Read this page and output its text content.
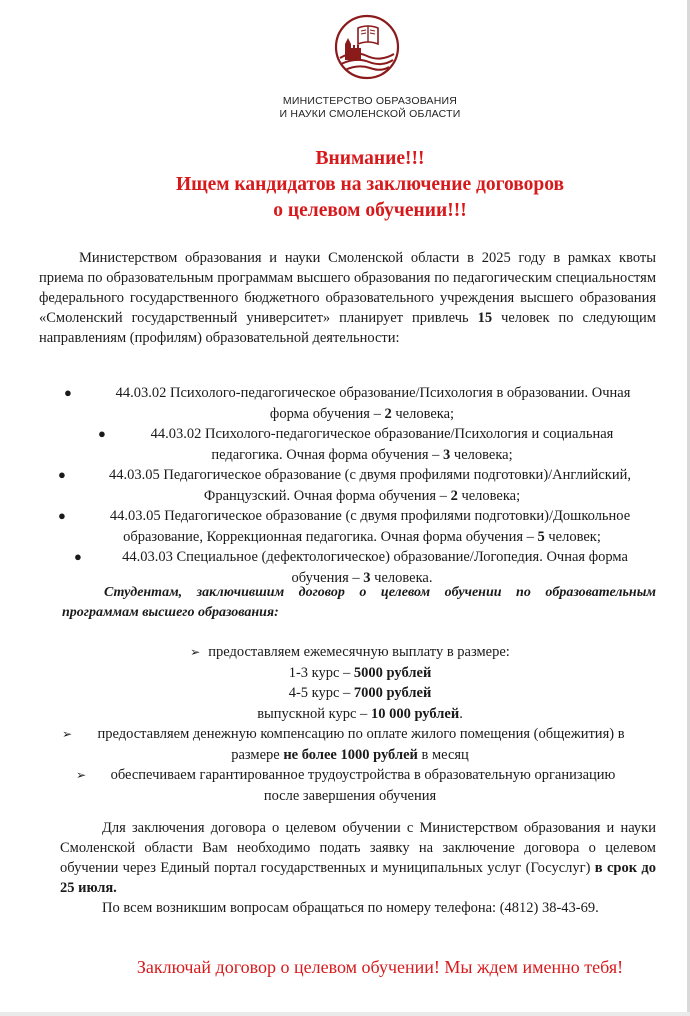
МИНИСТЕРСТВО ОБРАЗОВАНИЯ
И НАУКИ СМОЛЕНСКОЙ ОБЛАСТИ
Внимание!!!
Ищем кандидатов на заключение договоров
о целевом обучении!!!
Министерством образования и науки Смоленской области в 2025 году в рамках квоты приема по образовательным программам высшего образования по педагогическим специальностям федерального государственного бюджетного образовательного учреждения высшего образования «Смоленский государственный университет» планирует привлечь 15 человек по следующим направлениям (профилям) образовательной деятельности:
●	44.03.02 Психолого-педагогическое образование/Психология в образовании. Очная
форма обучения – 2 человека;
●	44.03.02 Психолого-педагогическое образование/Психология и социальная
педагогика. Очная форма обучения – 3 человека;
●	44.03.05 Педагогическое образование (с двумя профилями подготовки)/Английский,
Французский. Очная форма обучения – 2 человека;
●	44.03.05 Педагогическое образование (с двумя профилями подготовки)/Дошкольное
образование, Коррекционная педагогика. Очная форма обучения – 5 человек;
●	44.03.03 Специальное (дефектологическое) образование/Логопедия. Очная форма
обучения – 3 человека.
Студентам, заключившим договор о целевом обучении по образовательным программам высшего образования:
➢ предоставляем ежемесячную выплату в размере:
1-3 курс – 5000 рублей
4-5 курс – 7000 рублей
выпускной курс – 10 000 рублей.
➢	предоставляем денежную компенсацию по оплате жилого помещения (общежития) в
размере не более 1000 рублей в месяц
➢	обеспечиваем гарантированное трудоустройства в образовательную организацию
после завершения обучения

Для заключения договора о целевом обучении с Министерством образования и науки Смоленской области Вам необходимо подать заявку на заключение договора о целевом обучении через Единый портал государственных и муниципальных услуг (Госуслуг) в срок до 25 июля.

По всем возникшим вопросам обращаться по номеру телефона: (4812) 38-43-69.

Заключай договор о целевом обучении! Мы ждем именно тебя!
